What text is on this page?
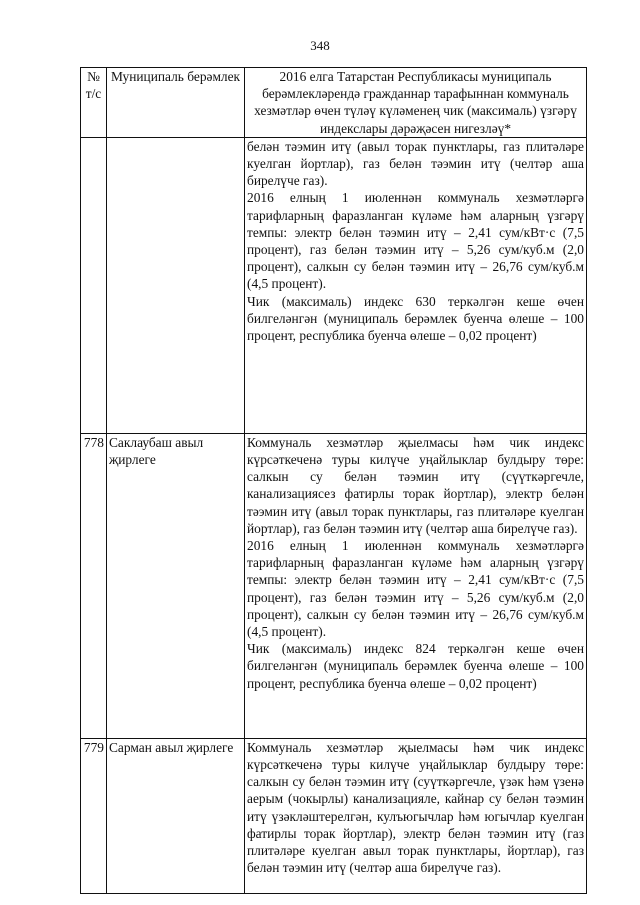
348
№ т/с	Муниципаль берәмлек	2016 елга Татарстан Республикасы муниципаль берәмлекләрендә гражданнар тарафыннан коммуналь хезмәтләр өчен түләү күләменең чик (максималь) үзгәрү индекслары дәрәҗәсен нигезләү*

		белән тәэмин итү (авыл торак пунктлары, газ плитәләре куелган йортлар), газ белән тәэмин итү (челтәр аша бирелүче газ).

2016 елның 1 июленнән коммуналь хезмәтләргә тарифларның фаразланган күләме һәм аларның үзгәрү темпы: электр белән тәэмин итү – 2,41 сум/кВт·с (7,5 процент), газ белән тәэмин итү – 5,26 сум/куб.м (2,0 процент), салкын су белән тәэмин итү – 26,76 сум/куб.м (4,5 процент).

Чик (максималь) индекс 630 теркәлгән кеше өчен билгеләнгән (муниципаль берәмлек буенча өлеше – 100 процент, республика буенча өлеше – 0,02 процент)

778	Саклаубаш авыл җирлеге	Коммуналь хезмәтләр җыелмасы һәм чик индекс күрсәткеченә туры килүче уңайлыклар булдыру төре: салкын су белән тәэмин итү (сүүткәргечле, канализациясез фатирлы торак йортлар), электр белән тәэмин итү (авыл торак пунктлары, газ плитәләре куелган йортлар), газ белән тәэмин итү (челтәр аша бирелүче газ).

2016 елның 1 июленнән коммуналь хезмәтләргә тарифларның фаразланган күләме һәм аларның үзгәрү темпы: электр белән тәэмин итү – 2,41 сум/кВт·с (7,5 процент), газ белән тәэмин итү – 5,26 сум/куб.м (2,0 процент), салкын су белән тәэмин итү – 26,76 сум/куб.м (4,5 процент).

Чик (максималь) индекс 824 теркәлгән кеше өчен билгеләнгән (муниципаль берәмлек буенча өлеше – 100 процент, республика буенча өлеше – 0,02 процент)

779	Сарман авыл җирлеге	Коммуналь хезмәтләр җыелмасы һәм чик индекс күрсәткеченә туры килүче уңайлыклар булдыру төре: салкын су белән тәэмин итү (суүткәргечле, үзәк һәм үзенә аерым (чокырлы) канализацияле, кайнар су белән тәэмин итү үзәкләштерелгән, кулъюгычлар һәм югычлар куелган фатирлы торак йортлар), электр белән тәэмин итү (газ плитәләре куелган авыл торак пунктлары, йортлар), газ белән тәэмин итү (челтәр аша бирелүче газ).
